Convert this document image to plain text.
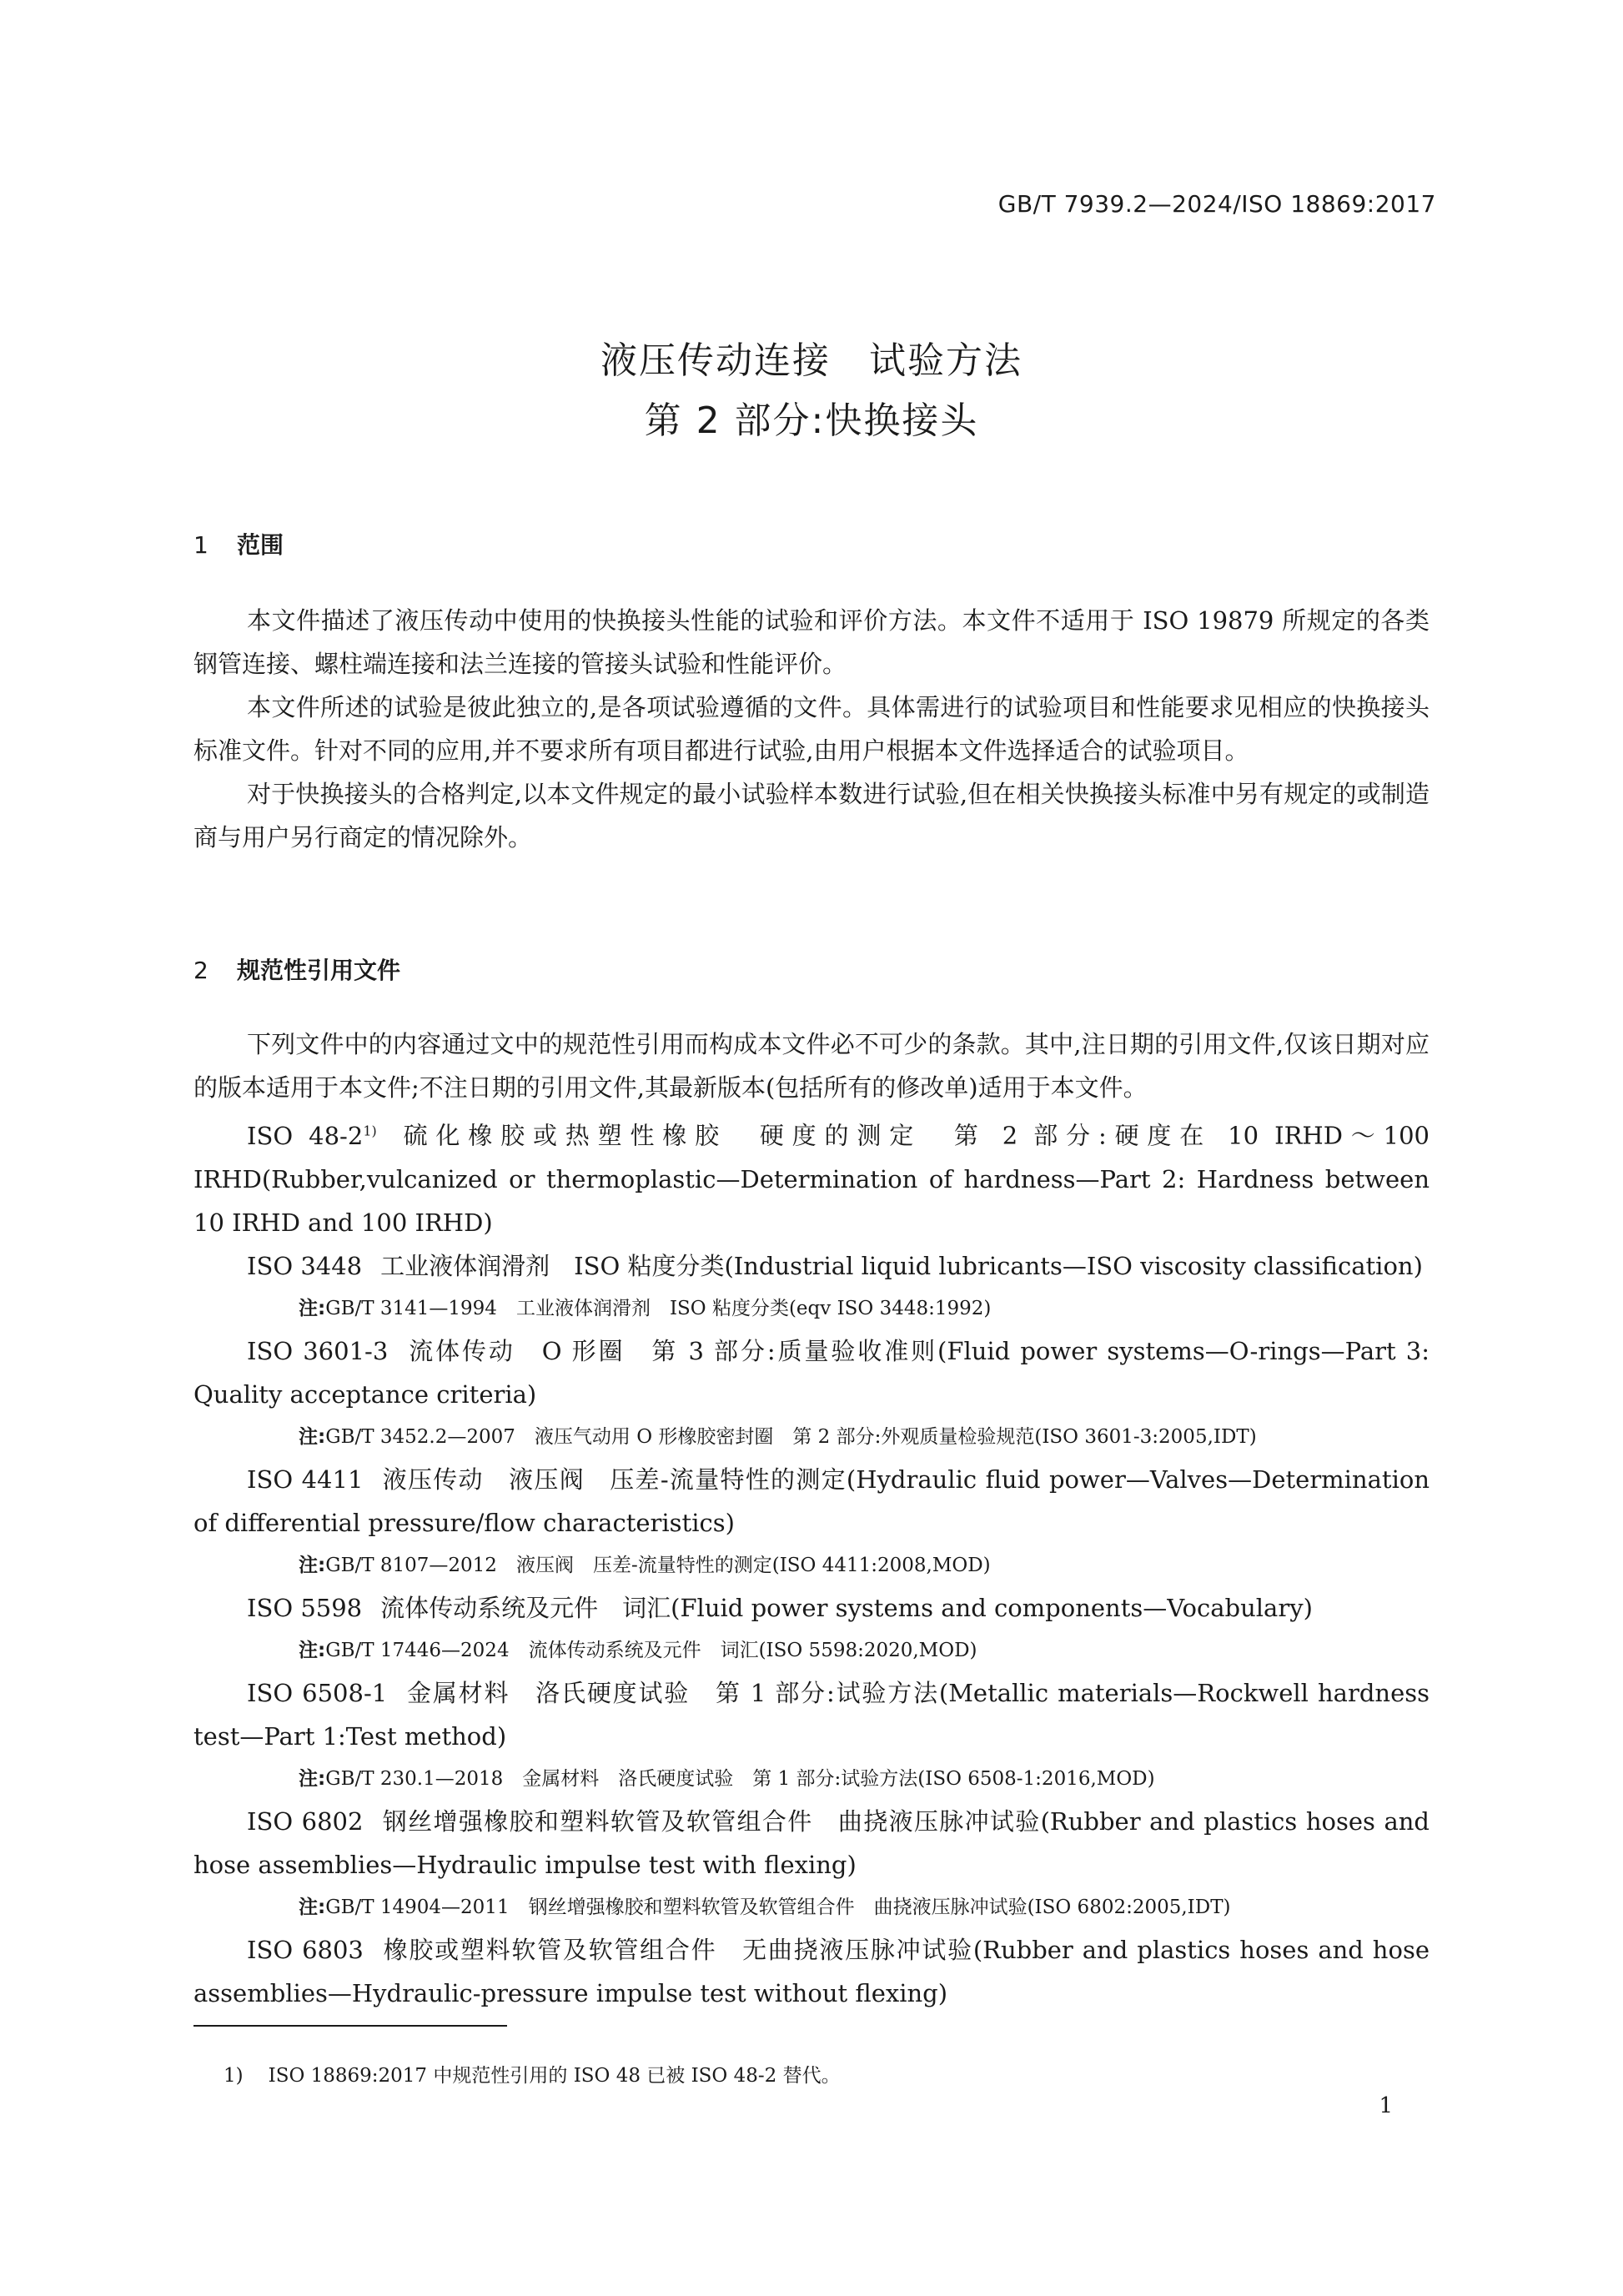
GB/T 7939.2—2024/ISO 18869:2017
液压传动连接　试验方法
第 2 部分:快换接头
1 范围

本文件描述了液压传动中使用的快换接头性能的试验和评价方法。本文件不适用于 ISO 19879 所规定的各类钢管连接、螺柱端连接和法兰连接的管接头试验和性能评价。

本文件所述的试验是彼此独立的,是各项试验遵循的文件。具体需进行的试验项目和性能要求见相应的快换接头标准文件。针对不同的应用,并不要求所有项目都进行试验,由用户根据本文件选择适合的试验项目。

对于快换接头的合格判定,以本文件规定的最小试验样本数进行试验,但在相关快换接头标准中另有规定的或制造商与用户另行商定的情况除外。

2 规范性引用文件

下列文件中的内容通过文中的规范性引用而构成本文件必不可少的条款。其中,注日期的引用文件,仅该日期对应的版本适用于本文件;不注日期的引用文件,其最新版本(包括所有的修改单)适用于本文件。

ISO 48-2$^{1)}$ 硫化橡胶或热塑性橡胶　硬度的测定　第 2 部分:硬度在 10 IRHD～100 IRHD(Rubber,vulcanized or thermoplastic—Determination of hardness—Part 2: Hardness between 10 IRHD and 100 IRHD)

ISO 3448 工业液体润滑剂　ISO 粘度分类(Industrial liquid lubricants—ISO viscosity classification)

注:GB/T 3141—1994　工业液体润滑剂　ISO 粘度分类(eqv ISO 3448:1992)

ISO 3601-3 流体传动　O 形圈　第 3 部分:质量验收准则(Fluid power systems—O-rings—Part 3: Quality acceptance criteria)

注:GB/T 3452.2—2007　液压气动用 O 形橡胶密封圈　第 2 部分:外观质量检验规范(ISO 3601-3:2005,IDT)

ISO 4411 液压传动　液压阀　压差-流量特性的测定(Hydraulic fluid power—Valves—Determination of differential pressure/flow characteristics)

注:GB/T 8107—2012　液压阀　压差-流量特性的测定(ISO 4411:2008,MOD)

ISO 5598 流体传动系统及元件　词汇(Fluid power systems and components—Vocabulary)

注:GB/T 17446—2024　流体传动系统及元件　词汇(ISO 5598:2020,MOD)

ISO 6508-1 金属材料　洛氏硬度试验　第 1 部分:试验方法(Metallic materials—Rockwell hardness test—Part 1:Test method)

注:GB/T 230.1—2018　金属材料　洛氏硬度试验　第 1 部分:试验方法(ISO 6508-1:2016,MOD)

ISO 6802 钢丝增强橡胶和塑料软管及软管组合件　曲挠液压脉冲试验(Rubber and plastics hoses and hose assemblies—Hydraulic impulse test with flexing)

注:GB/T 14904—2011　钢丝增强橡胶和塑料软管及软管组合件　曲挠液压脉冲试验(ISO 6802:2005,IDT)

ISO 6803 橡胶或塑料软管及软管组合件　无曲挠液压脉冲试验(Rubber and plastics hoses and hose assemblies—Hydraulic-pressure impulse test without flexing)

1) ISO 18869:2017 中规范性引用的 ISO 48 已被 ISO 48-2 替代。
1
